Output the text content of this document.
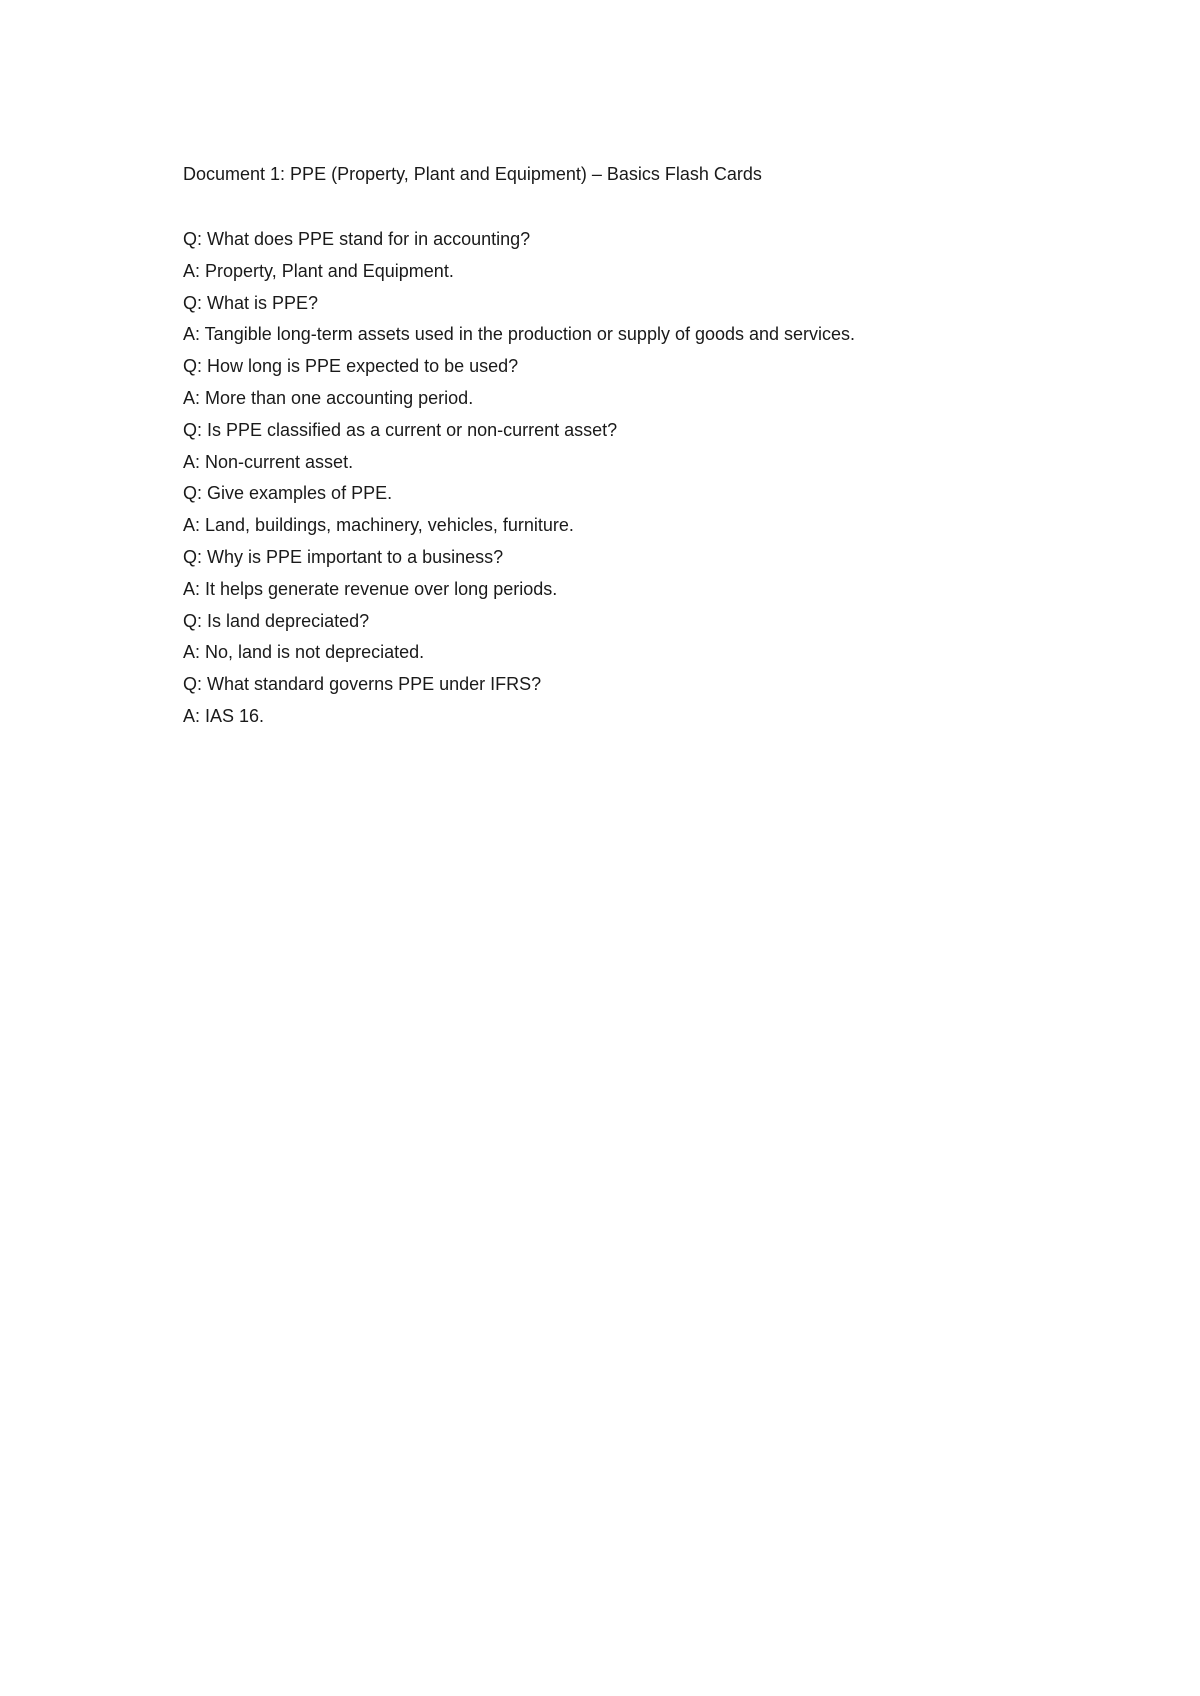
Document 1: PPE (Property, Plant and Equipment) – Basics Flash Cards

Q: What does PPE stand for in accounting?
A: Property, Plant and Equipment.
Q: What is PPE?
A: Tangible long-term assets used in the production or supply of goods and services.
Q: How long is PPE expected to be used?
A: More than one accounting period.
Q: Is PPE classified as a current or non-current asset?
A: Non-current asset.
Q: Give examples of PPE.
A: Land, buildings, machinery, vehicles, furniture.
Q: Why is PPE important to a business?
A: It helps generate revenue over long periods.
Q: Is land depreciated?
A: No, land is not depreciated.
Q: What standard governs PPE under IFRS?
A: IAS 16.
